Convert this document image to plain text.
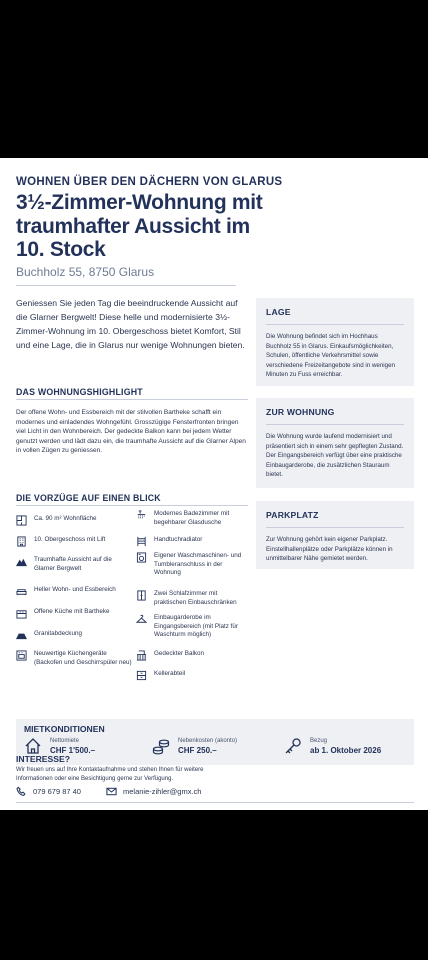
WOHNEN ÜBER DEN DÄCHERN VON GLARUS
3½-Zimmer-Wohnung mit traumhafter Aussicht im 10. Stock
Buchholz 55, 8750 Glarus
Geniessen Sie jeden Tag die beeindruckende Aussicht auf die Glarner Bergwelt! Diese helle und modernisierte 3½-Zimmer-Wohnung im 10. Obergeschoss bietet Komfort, Stil und eine Lage, die in Glarus nur wenige Wohnungen bieten.
DAS WOHNUNGSHIGHLIGHT
Der offene Wohn- und Essbereich mit der stilvollen Bartheke schafft ein modernes und einladendes Wohngefühl. Grosszügige Fensterfronten bringen viel Licht in den Wohnbereich. Der gedeckte Balkon kann bei jedem Wetter genutzt werden und lädt dazu ein, die traumhafte Aussicht auf die Glarner Alpen in vollen Zügen zu geniessen.
DIE VORZÜGE AUF EINEN BLICK
Ca. 90 m² Wohnfläche
10. Obergeschoss mit Lift
Traumhafte Aussicht auf die Glarner Bergwelt
Heller Wohn- und Essbereich
Offene Küche mit Bartheke
Granitabdeckung
Neuwertige Küchengeräte (Backofen und Geschirrspüler neu)
Modernes Badezimmer mit begehbarer Glasdusche
Handtuchradiator
Eigener Waschmaschinen- und Tumbleranschluss in der Wohnung
Zwei Schlafzimmer mit praktischen Einbauschränken
Einbaugarderobe im Eingangsbereich (mit Platz für Waschturm möglich)
Gedeckter Balkon
Kellerabteil
LAGE

Die Wohnung befindet sich im Hochhaus Buchholz 55 in Glarus. Einkaufsmöglichkeiten, Schulen, öffentliche Verkehrsmittel sowie verschiedene Freizeitangebote sind in wenigen Minuten zu Fuss erreichbar.

ZUR WOHNUNG

Die Wohnung wurde laufend modernisiert und präsentiert sich in einem sehr gepflegten Zustand. Der Eingangsbereich verfügt über eine praktische Einbaugarderobe, die zusätzlichen Stauraum bietet.

PARKPLATZ

Zur Wohnung gehört kein eigener Parkplatz. Einstellhallenplätze oder Parkplätze können in unmittelbarer Nähe gemietet werden.

MIETKONDITIONEN
Nettomiete
CHF 1'500.–
Nebenkosten (akonto)
CHF 250.–
Bezug
ab 1. Oktober 2026
INTERESSE?
Wir freuen uns auf Ihre Kontaktaufnahme und stehen Ihnen für weitere Informationen oder eine Besichtigung gerne zur Verfügung.
079 679 87 40	melanie-zihler@gmx.ch
